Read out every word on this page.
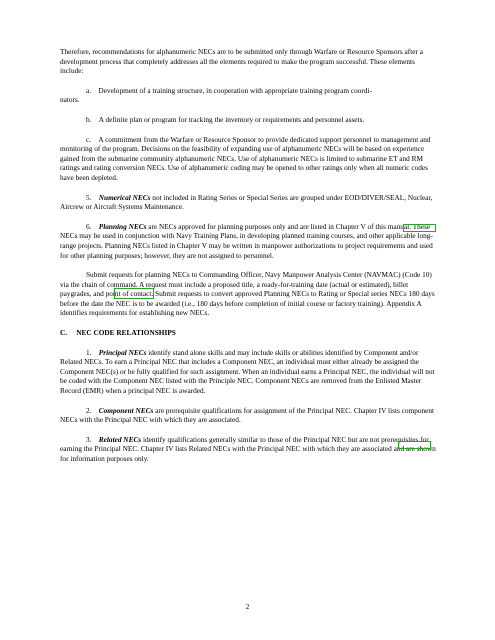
Therefore, recommendations for alphanumeric NECs are to be submitted only through Warfare or Resource Sponsors after a development process that completely addresses all the elements required to make the program successful. These elements include:

a. Development of a training structure, in cooperation with appropriate training program coordi-
nators.

b. A definite plan or program for tracking the inventory or requirements and personnel assets.

c. A commitment from the Warfare or Resource Sponsor to provide dedicated support personnel to management and monitoring of the program. Decisions on the feasibility of expanding use of alphanumeric NECs will be based on experience gained from the submarine community alphanumeric NECs. Use of alphanumeric NECs is limited to submarine ET and RM ratings and rating conversion NECs. Use of alphanumeric coding may be opened to other ratings only when all numeric codes have been depleted.

5. Numerical NECs not included in Rating Series or Special Series are grouped under EOD/DIVER/SEAL, Nuclear, Aircrew or Aircraft Systems Maintenance.

6. Planning NECs are NECs approved for planning purposes only and are listed in Chapter V of this manual. These NECs may be used in conjunction with Navy Training Plans, in developing planned training courses, and other applicable long-range projects. Planning NECs listed in Chapter V may be written in manpower authorizations to project requirements and used for other planning purposes; however, they are not assigned to personnel.

Submit requests for planning NECs to Commanding Officer, Navy Manpower Analysis Center (NAVMAC) (Code 10) via the chain of command. A request must include a proposed title, a ready-for-training date (actual or estimated), billet paygrades, and point of contact. Submit requests to convert approved Planning NECs to Rating or Special series NECs 180 days before the date the NEC is to be awarded (i.e., 180 days before completion of initial course or factory training). Appendix A identifies requirements for establishing new NECs.

C. NEC CODE RELATIONSHIPS

1. Principal NECs identify stand alone skills and may include skills or abilities identified by Component and/or Related NECs. To earn a Principal NEC that includes a Component NEC, an individual must either already be assigned the Component NEC(s) or be fully qualified for such assignment. When an individual earns a Principal NEC, the individual will not be coded with the Component NEC listed with the Principle NEC. Component NECs are removed from the Enlisted Master Record (EMR) when a principal NEC is awarded.

2. Component NECs are prerequisite qualifications for assignment of the Principal NEC. Chapter IV lists component NECs with the Principal NEC with which they are associated.

3. Related NECs identify qualifications generally similar to those of the Principal NEC but are not prerequisites for earning the Principal NEC. Chapter IV lists Related NECs with the Principal NEC with which they are associated and are shown for information purposes only.

2
